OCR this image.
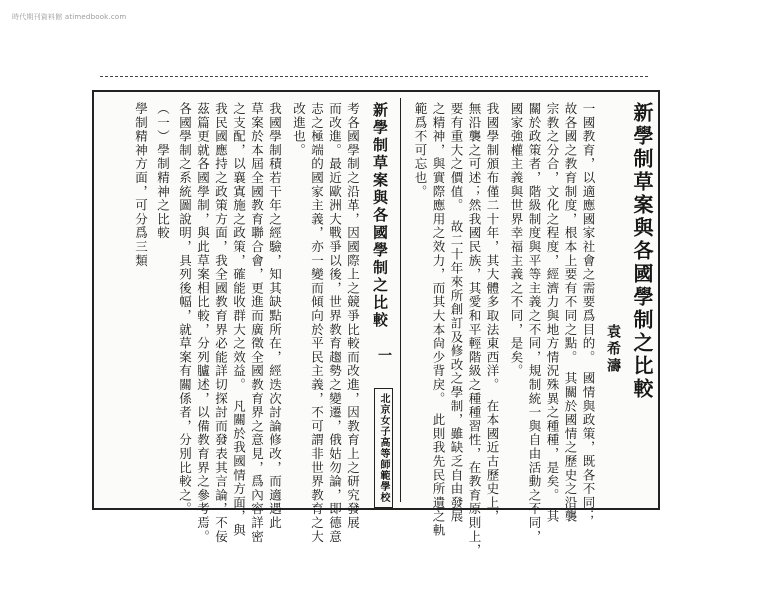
時代期刊資料館 atimedbook.com
袁希濤 新學制草案與各國學制之比較
一國教育，以適應國家社會之需要爲目的。　國情與政策，既各不同；
故各國之教育制度，根本上要有不同之點。　其關於國情之歷史之沿襲
宗教之分合，文化之程度，經濟力與地方情況殊異之種種，是矣。　其
關於政策者，階級制度與平等主義之不同，規制統一與自由活動之不同，
國家強權主義與世界幸福主義之不同，是矣。
我國學制頒布僅二十年，其大體多取法東西洋。　在本國近古歷史上，
無沿襲之可述；然我國民族，其愛和平輕階級之種種習性，在教育原則上，
要有重大之價值。　故二十年來所創訂及修改之學制，雖缺乏自由發展
之精神，與實際應用之效力，而其大本尙少背戾。　此則我先民所遺之軌
範爲不可忘也。
新學制草案與各國學制之比較
一
北京女子高等師範學校
考各國學制之沿革，因國際上之競爭比較而改進，因教育上之研究發展
而改進。最近歐洲大戰爭以後，世界教育趨勢之變遷，俄姑勿論，即德意
志之極端的國家主義，亦一變而傾向於平民主義，不可謂非世界教育之大
改進也。
我國學制積若干年之經驗，知其缺點所在，經迭次討論修改，而適遇此
草案於本屆全國教育聯合會，更進而廣徵全國教育界之意見，爲內容詳密
之支配，以襄寘施之政策，確能收群大之效益。　凡關於我國情方面，與
我民國應持之政策方面，我全國教育界必能詳切探討而發表其言論，不佞
茲篇更就各國學制，與此草案相比較，分列臚述，以備教育界之參考焉。
各國學制之系統圖說明，具列後幅，就草案有關係者，分別比較之。
（一）學制精神之比較
學制精神方面，可分爲三類
